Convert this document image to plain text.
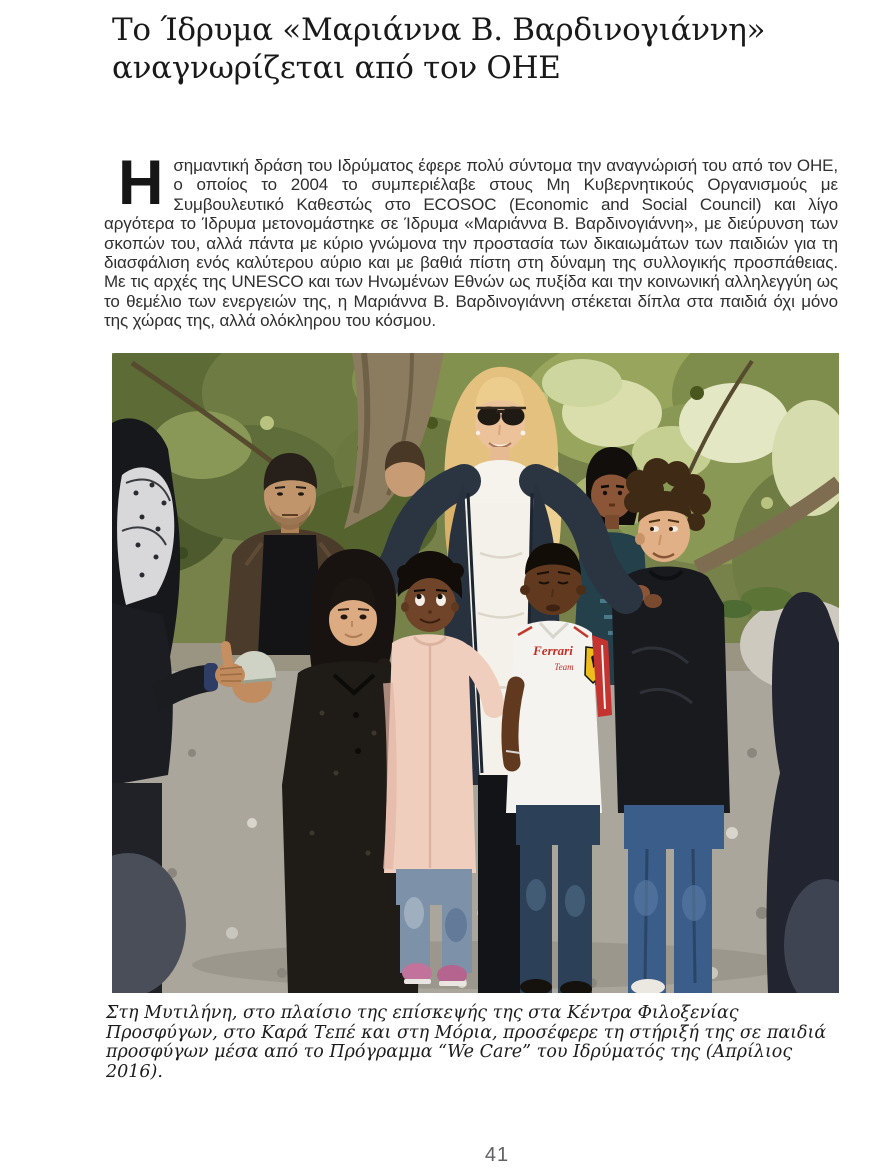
Το Ίδρυμα «Μαριάννα Β. Βαρδινογιάννη» αναγνωρίζεται από τον ΟΗΕ

Ησημαντική δράση του Ιδρύματος έφερε πολύ σύντομα την αναγνώρισή του από τον ΟΗΕ, ο οποίος το 2004 το συμπεριέλαβε στους Μη Κυβερνητικούς Οργανισμούς με Συμβουλευτικό Καθεστώς στο ECOSOC (Economic and Social Council) και λίγο αργότερα το Ίδρυμα μετονομάστηκε σε Ίδρυμα «Μαριάννα Β. Βαρδινογιάννη», με διεύρυνση των σκοπών του, αλλά πάντα με κύριο γνώμονα την προστασία των δικαιωμάτων των παιδιών για τη διασφάλιση ενός καλύτερου αύριο και με βαθιά πίστη στη δύναμη της συλλογικής προσπάθειας. Με τις αρχές της UNESCO και των Ηνωμένων Εθνών ως πυξίδα και την κοινωνική αλληλεγγύη ως το θεμέλιο των ενεργειών της, η Μαριάννα Β. Βαρδινογιάννη στέκεται δίπλα στα παιδιά όχι μόνο της χώρας της, αλλά ολόκληρου του κόσμου.

Ferrari
Team
Στη Μυτιλήνη, στο πλαίσιο της επίσκεψής της στα Κέντρα Φιλοξενίας Προσφύγων, στο Καρά Τεπέ και στη Μόρια, προσέφερε τη στήριξή της σε παιδιά προσφύγων μέσα από το Πρόγραμμα “We Care” του Ιδρύματός της (Απρίλιος 2016).
41
